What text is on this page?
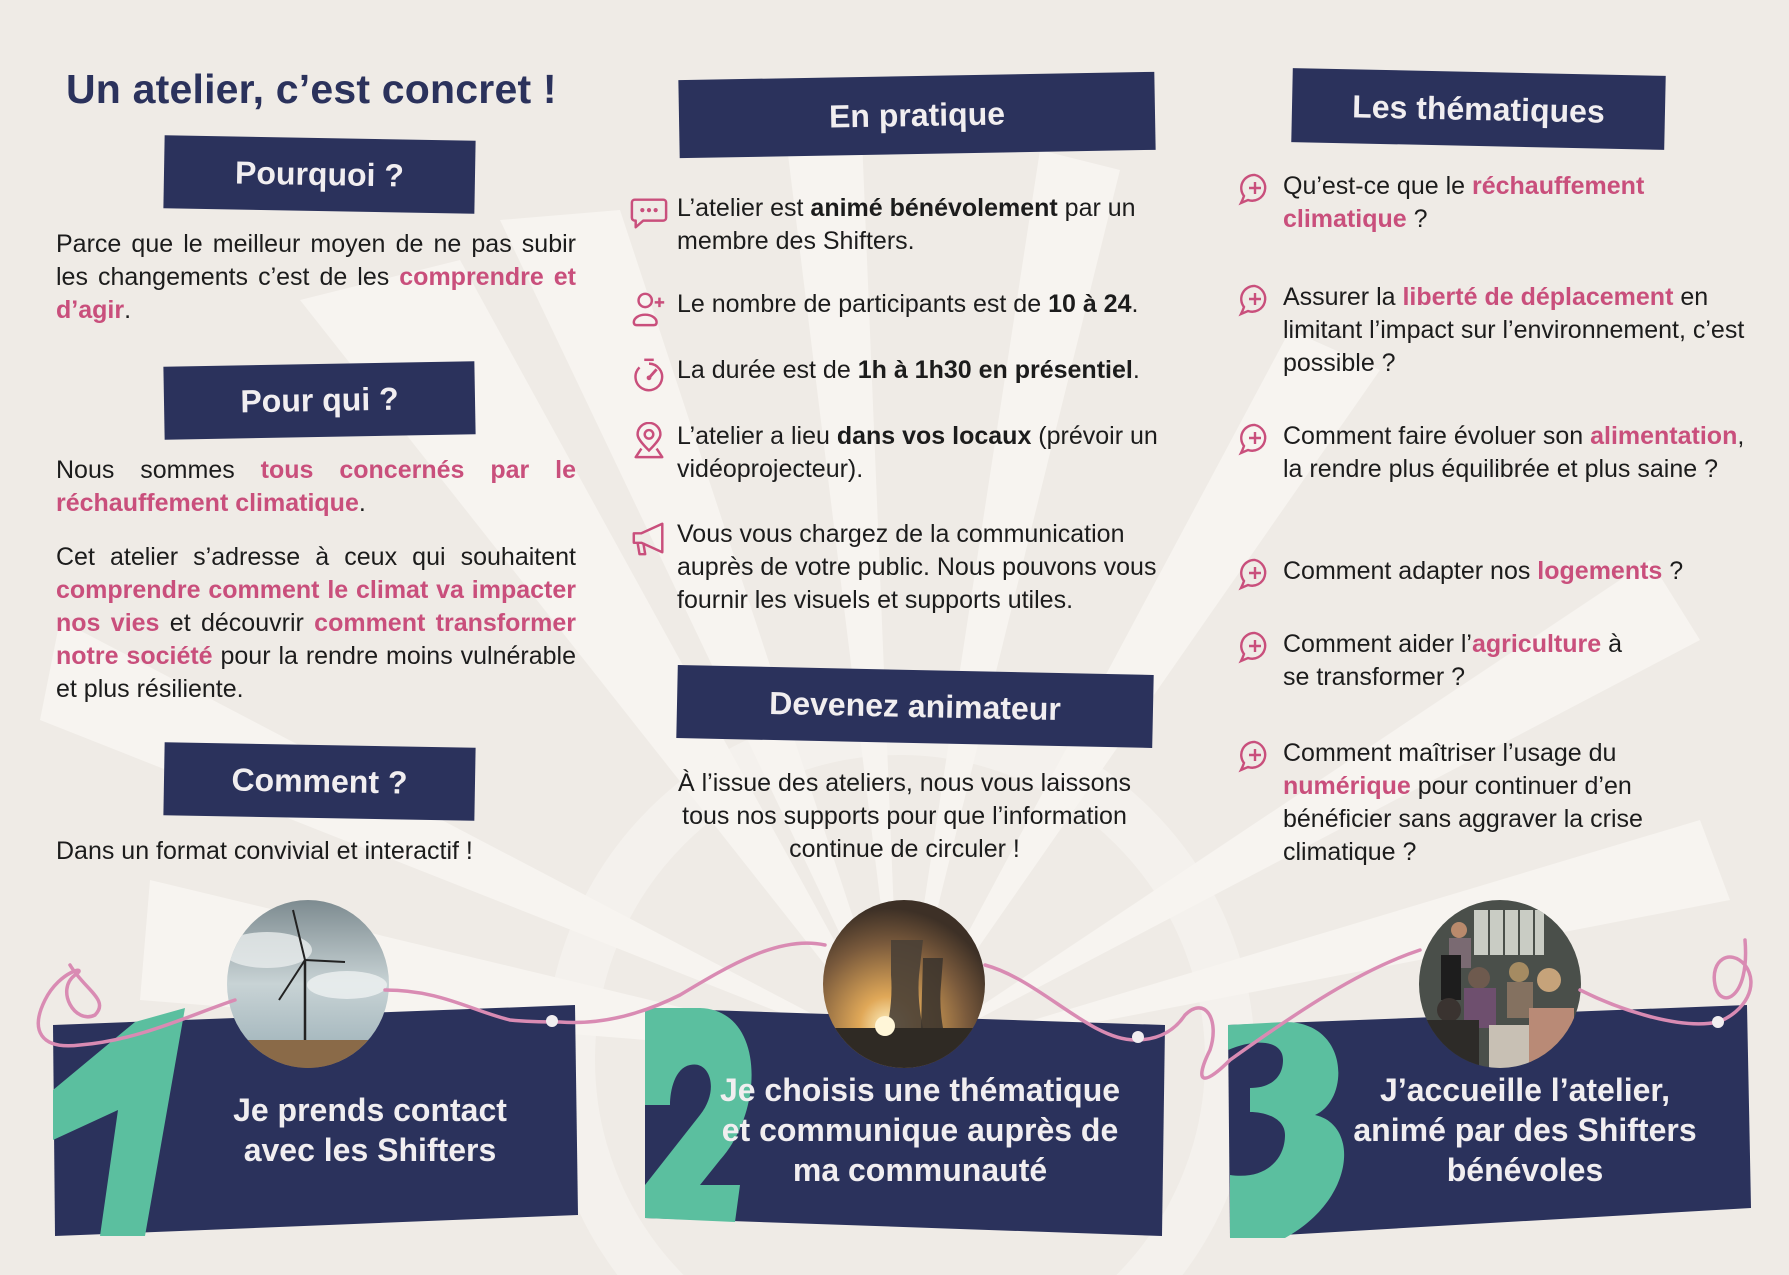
Un atelier, c’est concret !
Pourquoi ?
Parce que le meilleur moyen de ne pas subir les changements c’est de les comprendre et d’agir.
Pour qui ?
Nous sommes tous concernés par le réchauffement climatique.
Cet atelier s’adresse à ceux qui souhaitent comprendre comment le climat va impacter nos vies et découvrir comment transformer notre société pour la rendre moins vulnérable et plus résiliente.
Comment ?
Dans un format convivial et interactif !
En pratique
L’atelier est animé bénévolement par un membre des Shifters.
Le nombre de participants est de 10 à 24.
La durée est de 1h à 1h30 en présentiel.
L’atelier a lieu dans vos locaux (prévoir un vidéoprojecteur).
Vous vous chargez de la communication auprès de votre public. Nous pouvons vous fournir les visuels et supports utiles.
Devenez animateur
À l’issue des ateliers, nous vous laissons tous nos supports pour que l’information continue de circuler !
Les thématiques
Qu’est-ce que le réchauffement climatique ?
Assurer la liberté de déplacement en limitant l’impact sur l’environnement, c’est possible ?
Comment faire évoluer son alimentation, la rendre plus équilibrée et plus saine ?
Comment adapter nos logements ?
Comment aider l’agriculture à se transformer ?
Comment maîtriser l’usage du numérique pour continuer d’en bénéficier sans aggraver la crise climatique ?
Je prends contact
avec les Shifters
Je choisis une thématique
et communique auprès de
ma communauté
J’accueille l’atelier,
animé par des Shifters
bénévoles
